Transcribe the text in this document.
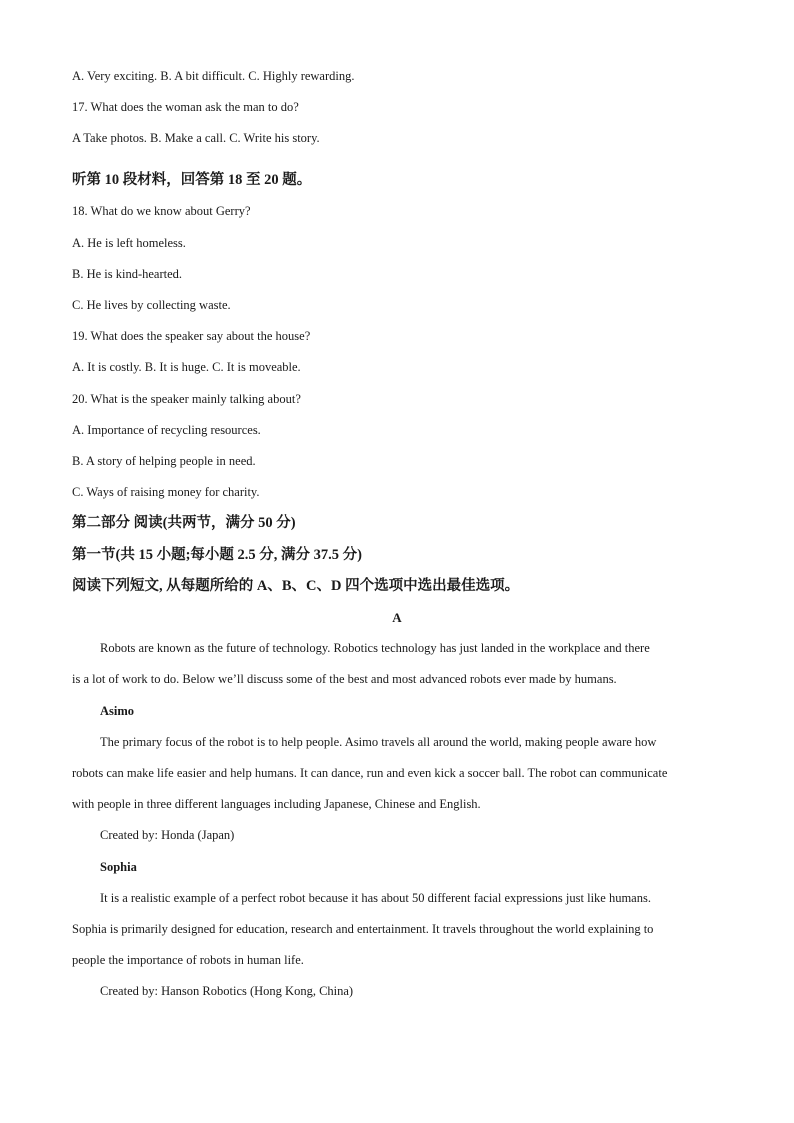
A. Very exciting. B. A bit difficult. C. Highly rewarding.
17. What does the woman ask the man to do?
A Take photos. B. Make a call. C. Write his story.
听第 10 段材料，回答第 18 至 20 题。
18. What do we know about Gerry?
A. He is left homeless.
B. He is kind-hearted.
C. He lives by collecting waste.
19. What does the speaker say about the house?
A. It is costly. B. It is huge. C. It is moveable.
20. What is the speaker mainly talking about?
A. Importance of recycling resources.
B. A story of helping people in need.
C. Ways of raising money for charity.
第二部分 阅读(共两节，满分 50 分)
第一节(共 15 小题;每小题 2.5 分, 满分 37.5 分)
阅读下列短文, 从每题所给的 A、B、C、D 四个选项中选出最佳选项。
A
Robots are known as the future of technology. Robotics technology has just landed in the workplace and there
is a lot of work to do. Below we’ll discuss some of the best and most advanced robots ever made by humans.
Asimo
The primary focus of the robot is to help people. Asimo travels all around the world, making people aware how
robots can make life easier and help humans. It can dance, run and even kick a soccer ball. The robot can communicate
with people in three different languages including Japanese, Chinese and English.
Created by: Honda (Japan)
Sophia
It is a realistic example of a perfect robot because it has about 50 different facial expressions just like humans.
Sophia is primarily designed for education, research and entertainment. It travels throughout the world explaining to
people the importance of robots in human life.
Created by: Hanson Robotics (Hong Kong, China)
